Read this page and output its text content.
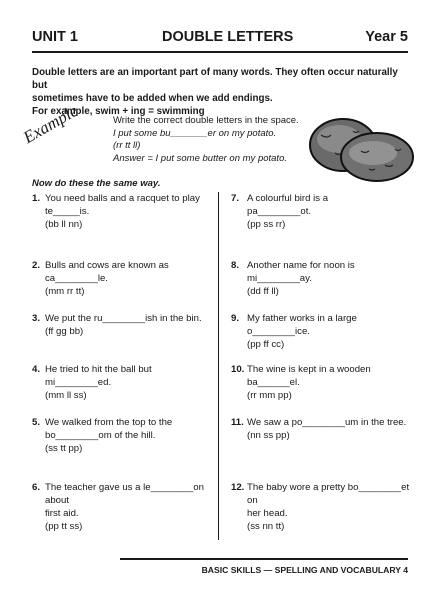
UNIT 1	DOUBLE LETTERS	Year 5
Double letters are an important part of many words. They often occur naturally but
sometimes have to be added when we add endings.
For example, swim + ing = swimming
Example	Write the correct double letters in the space.
I put some bu_______er on my potato.
(rr tt ll)
Answer = I put some butter on my potato.
Now do these the same way.
1. You need balls and a racquet to play
te_____is.
(bb ll nn)
2. Bulls and cows are known as ca________le.
(mm rr tt)
3. We put the ru________ish in the bin.
(ff gg bb)
4. He tried to hit the ball but mi________ed.
(mm ll ss)
5. We walked from the top to the
bo________om of the hill.
(ss tt pp)
6. The teacher gave us a le________on about
first aid.
(pp tt ss)
7. A colourful bird is a
pa________ot.
(pp ss rr)
8. Another name for noon is mi________ay.
(dd ff ll)
9. My father works in a large o________ice.
(pp ff cc)
10. The wine is kept in a wooden ba______el.
(rr mm pp)
11. We saw a po________um in the tree.
(nn ss pp)
12. The baby wore a pretty bo________et on
her head.
(ss nn tt)
BASIC SKILLS — SPELLING AND VOCABULARY 4
